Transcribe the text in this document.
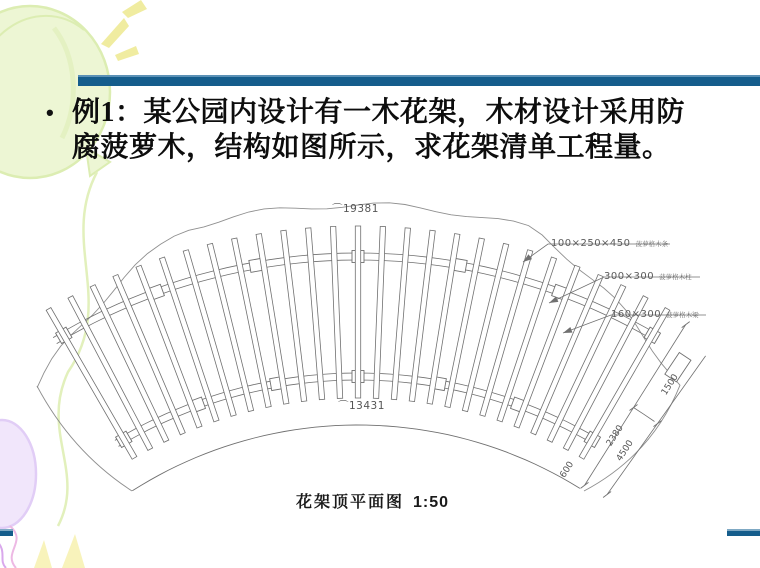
⌒19381
⌒13431
600
2380
4500
1500
• 例1：某公园内设计有一木花架，木材设计采用防腐菠萝木，结构如图所示，求花架清单工程量。
100×250×450 菠萝格木条
300×300 菠萝格木柱
160×300 菠萝格木梁
花架顶平面图 1:50
